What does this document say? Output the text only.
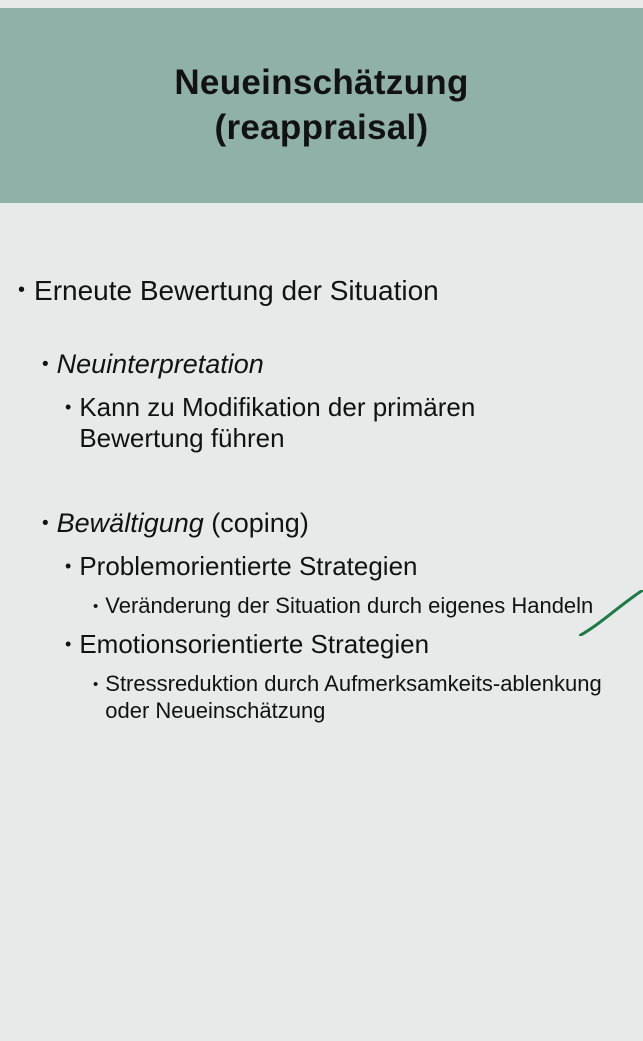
Neueinschätzung
(reappraisal)
• Erneute Bewertung der Situation
• Neuinterpretation
• Kann zu Modifikation der primären Bewertung führen
• Bewältigung (coping)
• Problemorientierte Strategien
• Veränderung der Situation durch eigenes Handeln
• Emotionsorientierte Strategien
• Stressreduktion durch Aufmerksamkeits-ablenkung oder Neueinschätzung
